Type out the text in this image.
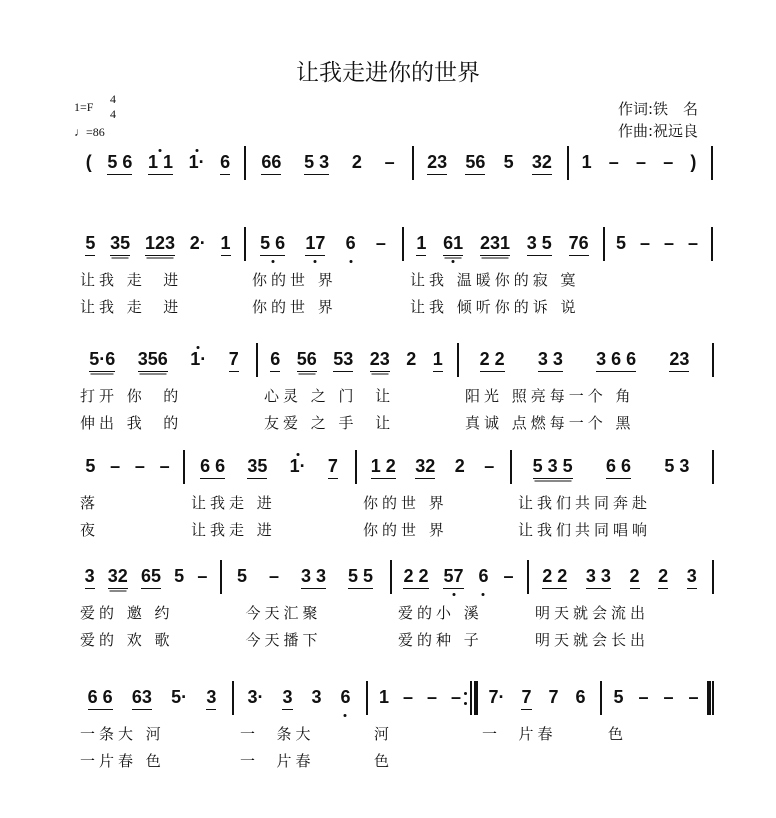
让我走进你的世界
1=F
4
4
♩=86
作词:铁　名
作曲:祝远良
( 5 6 1 1 1· 6 66 5 3 2 – 23 56 5 32 1 – – – )
5 35 123 2· 1
让我 走  进
让我 走  进
5 6 17 6 –
你的世 界
你的世 界
1 61 231 3 5 76
让我 温暖你的寂 寞
让我 倾听你的诉 说
5 – – –
5·6 356 1· 7
打开 你  的
伸出 我  的
6 56 53 23 2 1
心灵 之 门  让
友爱 之 手  让
2 2 3 3 3 6 6 23
阳光 照亮每一个 角
真诚 点燃每一个 黑
5 – – –
落
夜
6 6 35 1· 7
让我走 进
让我走 进
1 2 32 2 –
你的世 界
你的世 界
5 3 5 6 6 5 3
让我们共同奔赴
让我们共同唱响
3 32 65 5 –
爱的 邀 约
爱的 欢 歌
5 – 3 3 5 5
今天汇聚
今天播下
2 2 57 6 –
爱的小 溪
爱的种 子
2 2 3 3 2 2 3
明天就会流出
明天就会长出
6 6 63 5· 3
一条大 河
一片春 色
3· 3 3 6
一  条大
一  片春
1 – – –
河
色
7· 7 7 6
一  片春
5 – – –
色
